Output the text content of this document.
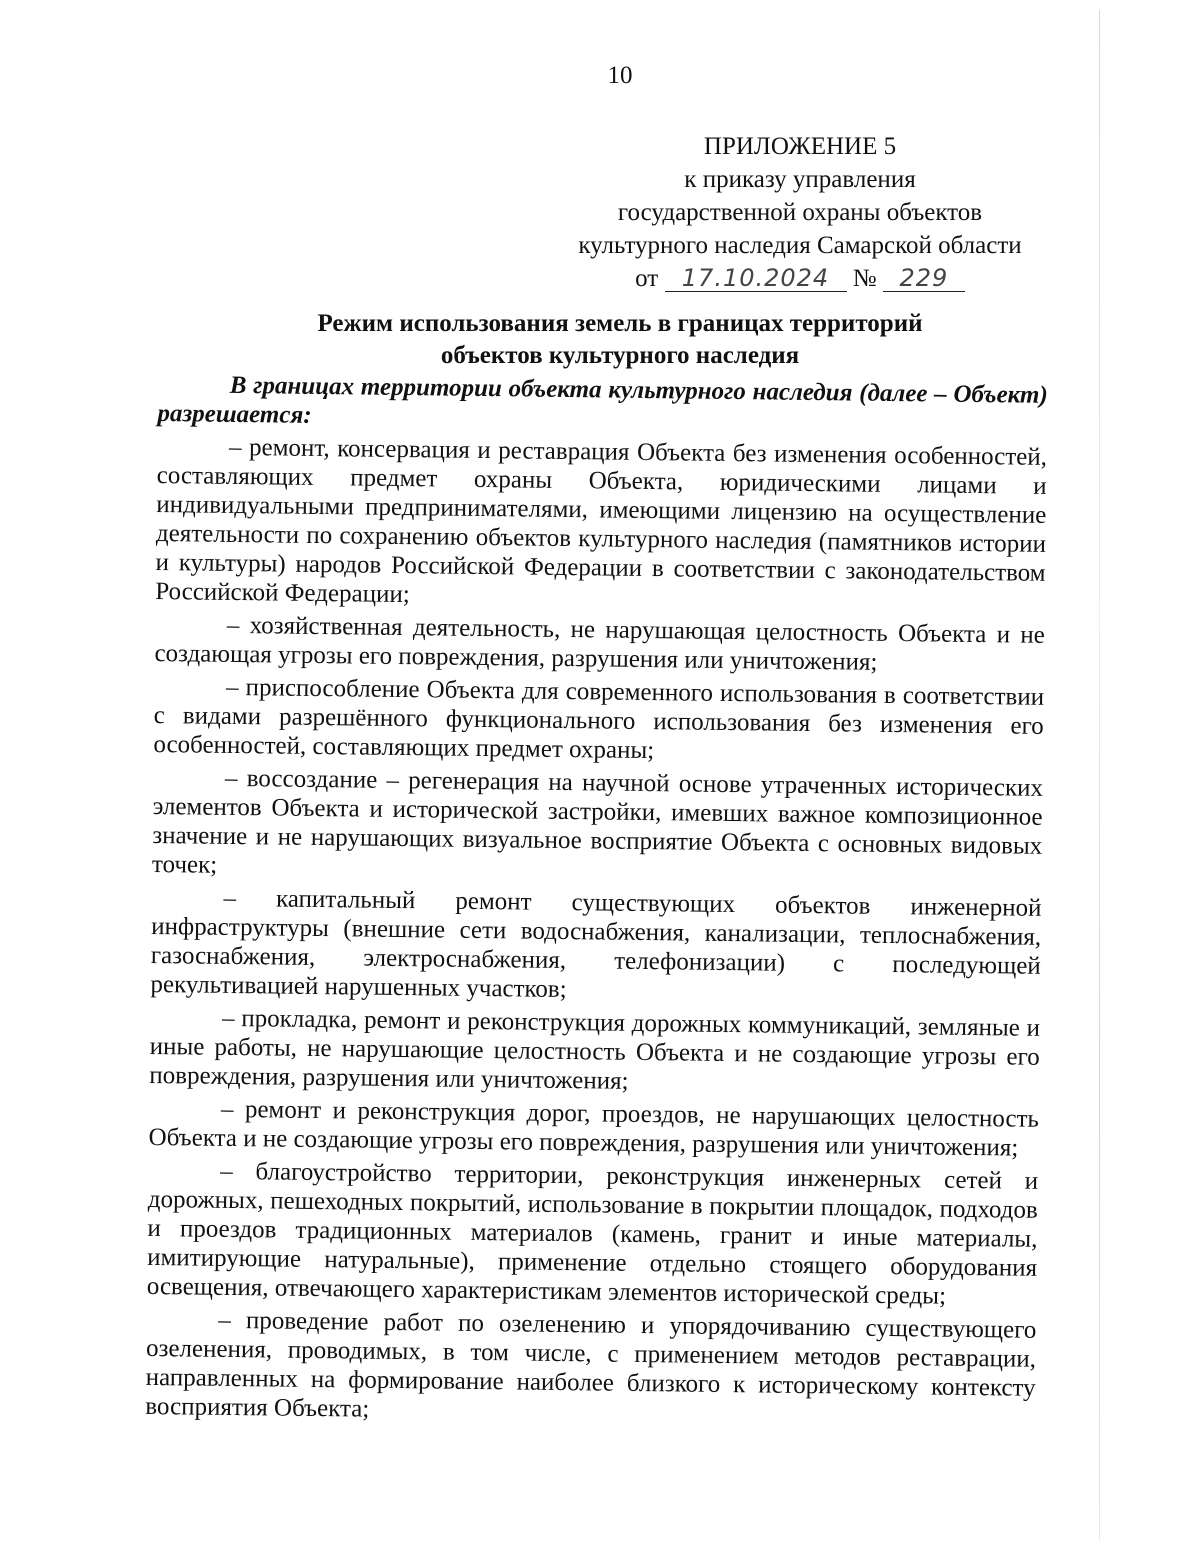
10
ПРИЛОЖЕНИЕ 5
к приказу управления
государственной охраны объектов
культурного наследия Самарской области
от 17.10.2024 № 229
Режим использования земель в границах территорий
объектов культурного наследия

В границах территории объекта культурного наследия (далее – Объект) разрешается:

– ремонт, консервация и реставрация Объекта без изменения особенностей, составляющих предмет охраны Объекта, юридическими лицами и индивидуальными предпринимателями, имеющими лицензию на осуществление деятельности по сохранению объектов культурного наследия (памятников истории и культуры) народов Российской Федерации в соответствии с законодательством Российской Федерации;

– хозяйственная деятельность, не нарушающая целостность Объекта и не создающая угрозы его повреждения, разрушения или уничтожения;

– приспособление Объекта для современного использования в соответствии с видами разрешённого функционального использования без изменения его особенностей, составляющих предмет охраны;

– воссоздание – регенерация на научной основе утраченных исторических элементов Объекта и исторической застройки, имевших важное композиционное значение и не нарушающих визуальное восприятие Объекта с основных видовых точек;

– капитальный ремонт существующих объектов инженерной инфраструктуры (внешние сети водоснабжения, канализации, теплоснабжения, газоснабжения, электроснабжения, телефонизации) с последующей рекультивацией нарушенных участков;

– прокладка, ремонт и реконструкция дорожных коммуникаций, земляные и иные работы, не нарушающие целостность Объекта и не создающие угрозы его повреждения, разрушения или уничтожения;

– ремонт и реконструкция дорог, проездов, не нарушающих целостность Объекта и не создающие угрозы его повреждения, разрушения или уничтожения;

– благоустройство территории, реконструкция инженерных сетей и дорожных, пешеходных покрытий, использование в покрытии площадок, подходов и проездов традиционных материалов (камень, гранит и иные материалы, имитирующие натуральные), применение отдельно стоящего оборудования освещения, отвечающего характеристикам элементов исторической среды;

– проведение работ по озеленению и упорядочиванию существующего озеленения, проводимых, в том числе, с применением методов реставрации, направленных на формирование наиболее близкого к историческому контексту восприятия Объекта;
